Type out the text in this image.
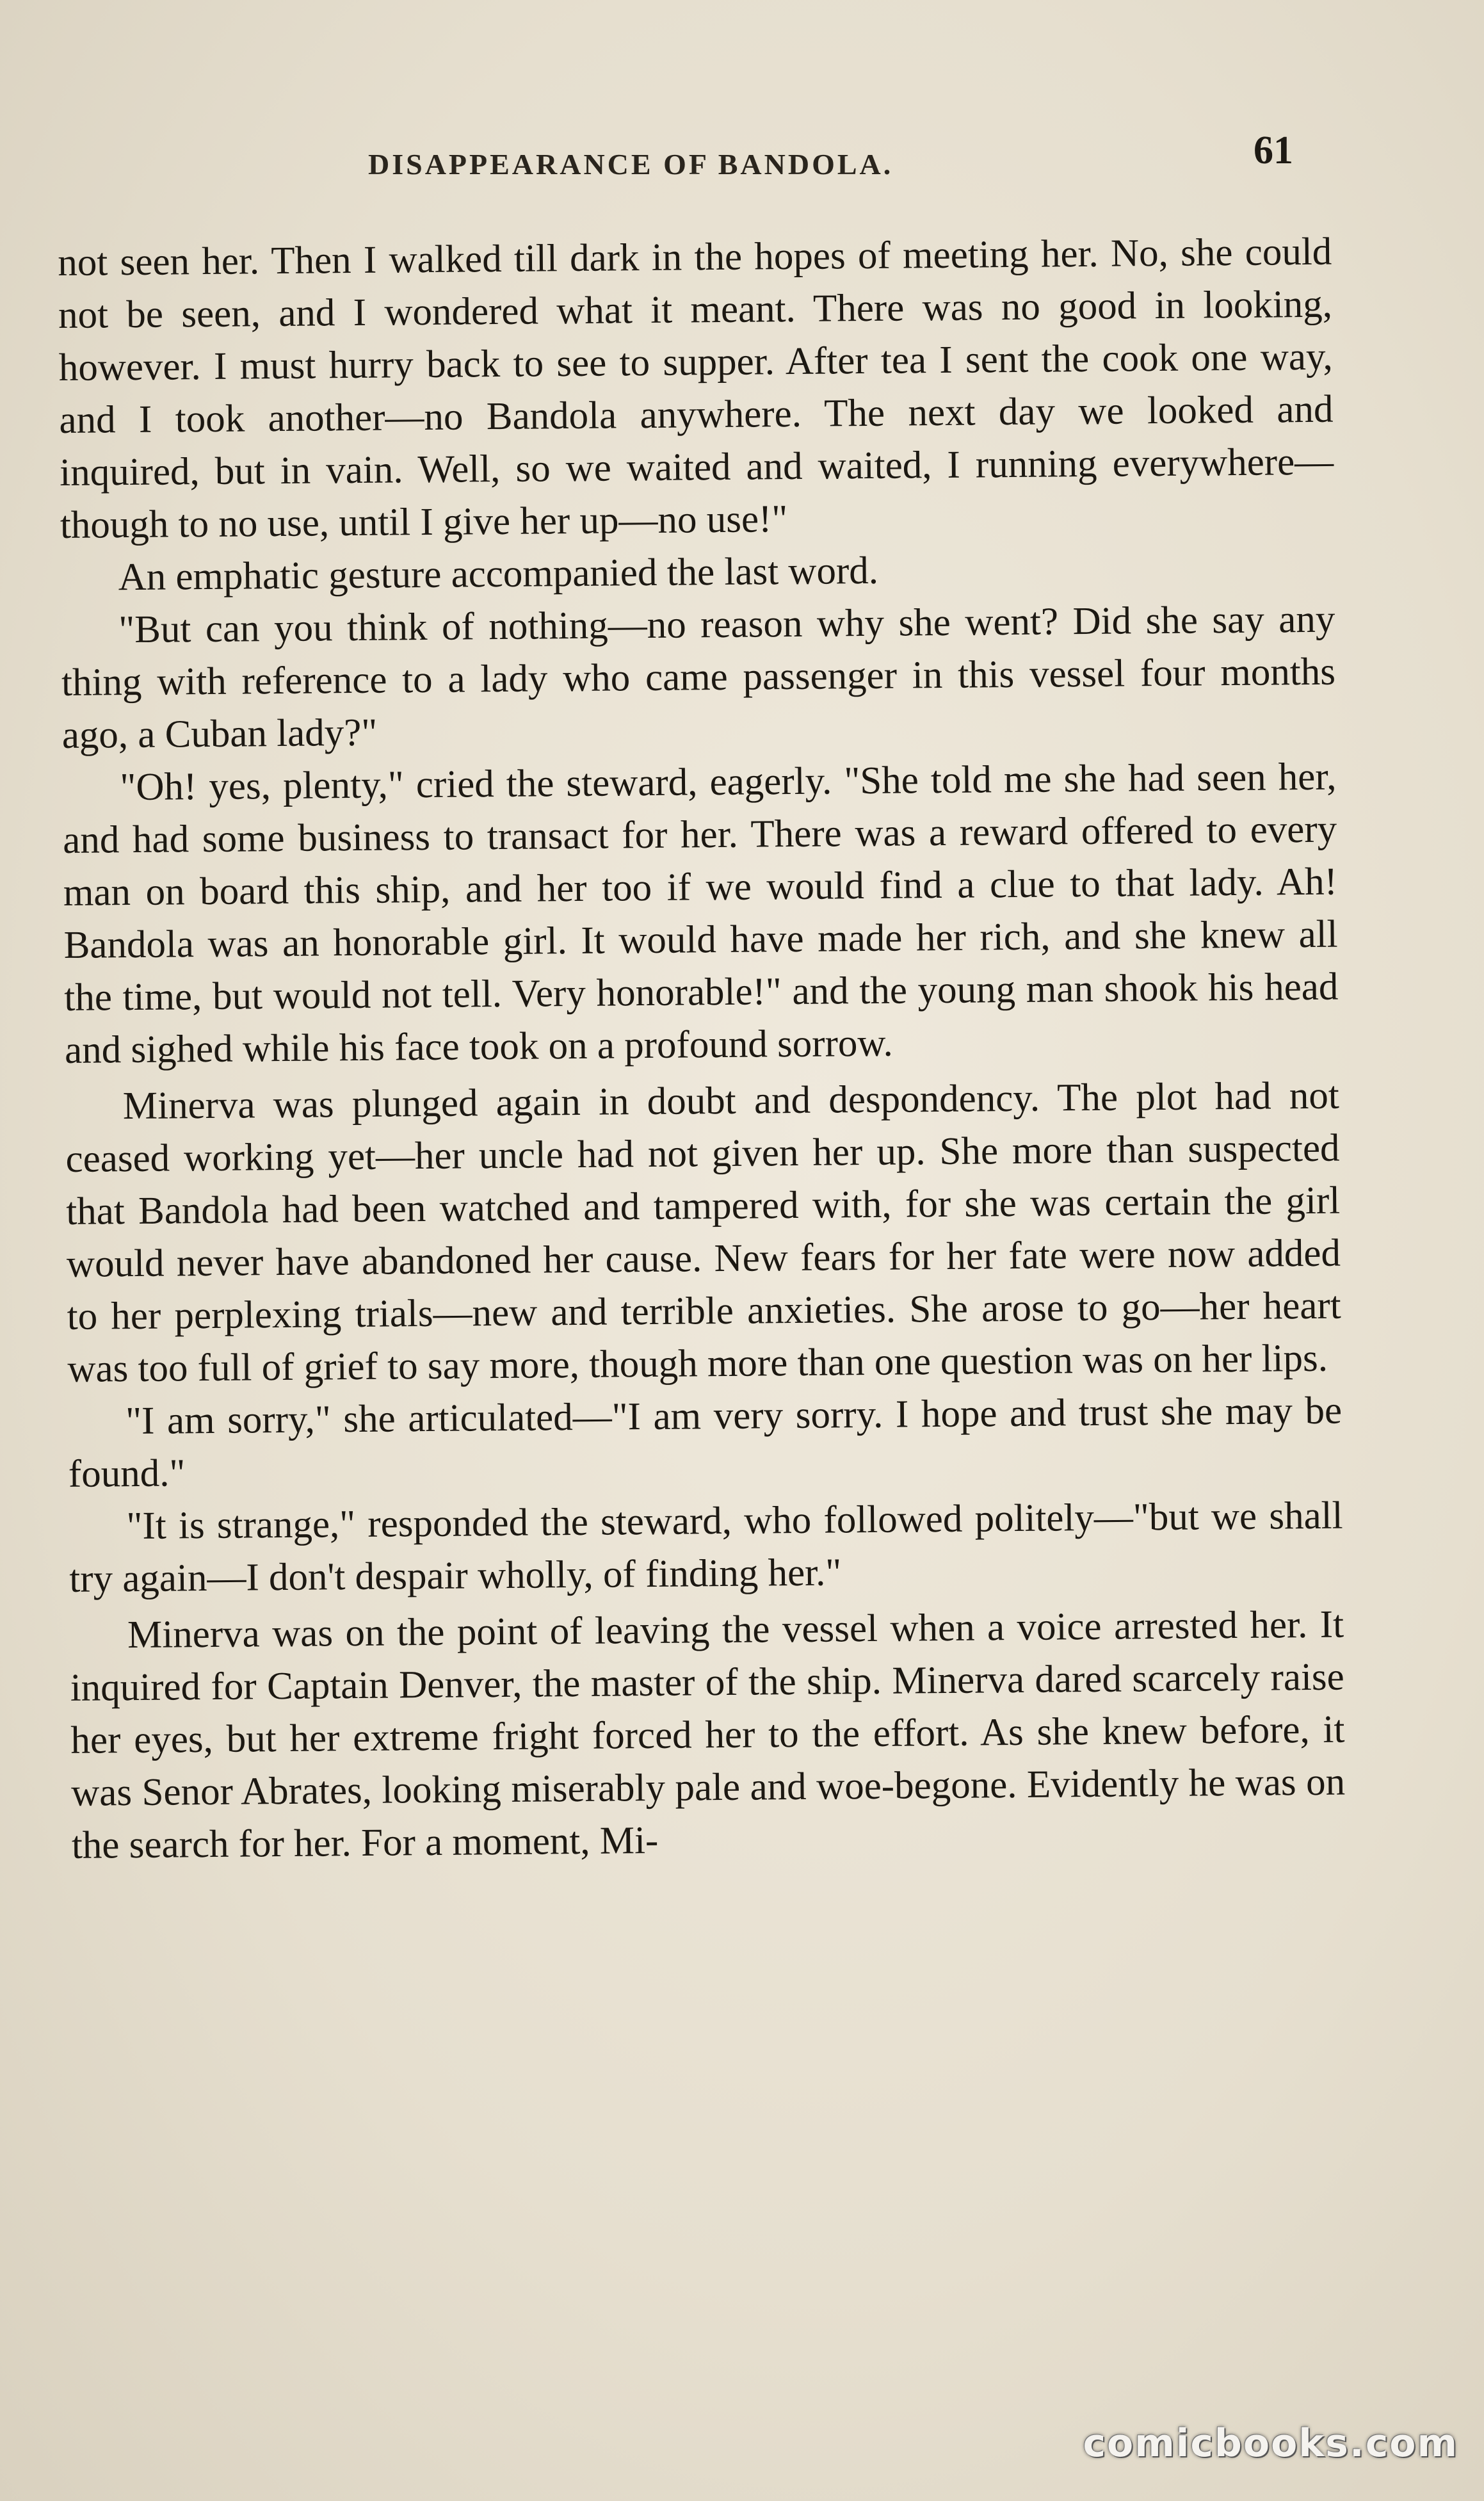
DISAPPEARANCE OF BANDOLA.	61

not seen her. Then I walked till dark in the hopes of meeting her. No, she could not be seen, and I wondered what it meant. There was no good in looking, however. I must hurry back to see to supper. After tea I sent the cook one way, and I took another—no Bandola anywhere. The next day we looked and inquired, but in vain. Well, so we waited and waited, I running everywhere—though to no use, until I give her up—no use!"

An emphatic gesture accompanied the last word.

"But can you think of nothing—no reason why she went? Did she say any thing with reference to a lady who came passenger in this vessel four months ago, a Cuban lady?"

"Oh! yes, plenty," cried the steward, eagerly. "She told me she had seen her, and had some business to transact for her. There was a reward offered to every man on board this ship, and her too if we would find a clue to that lady. Ah! Bandola was an honorable girl. It would have made her rich, and she knew all the time, but would not tell. Very honorable!" and the young man shook his head and sighed while his face took on a profound sorrow.

Minerva was plunged again in doubt and despondency. The plot had not ceased working yet—her uncle had not given her up. She more than suspected that Bandola had been watched and tampered with, for she was certain the girl would never have abandoned her cause. New fears for her fate were now added to her perplexing trials—new and terrible anxieties. She arose to go—her heart was too full of grief to say more, though more than one question was on her lips.

"I am sorry," she articulated—"I am very sorry. I hope and trust she may be found."

"It is strange," responded the steward, who followed politely—"but we shall try again—I don't despair wholly, of finding her."

Minerva was on the point of leaving the vessel when a voice arrested her. It inquired for Captain Denver, the master of the ship. Minerva dared scarcely raise her eyes, but her extreme fright forced her to the effort. As she knew before, it was Senor Abrates, looking miserably pale and woe-begone. Evidently he was on the search for her. For a moment, Mi-

comicbooks.com
